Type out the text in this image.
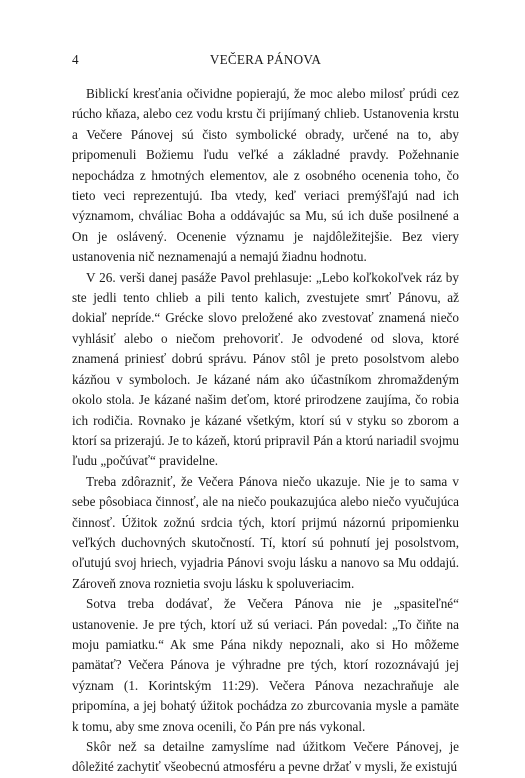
4	VEČERA PÁNOVA

Biblickí kresťania očividne popierajú, že moc alebo milosť prúdi cez rúcho kňaza, alebo cez vodu krstu či prijímaný chlieb. Ustanovenia krstu a Večere Pánovej sú čisto symbolické obrady, určené na to, aby pripomenuli Božiemu ľudu veľké a základné pravdy. Požehnanie nepochádza z hmotných elementov, ale z osobného ocenenia toho, čo tieto veci reprezentujú. Iba vtedy, keď veriaci premýšľajú nad ich významom, chváliac Boha a oddávajúc sa Mu, sú ich duše posilnené a On je oslávený. Ocenenie významu je najdôležitejšie. Bez viery ustanovenia nič neznamenajú a nemajú žiadnu hodnotu.

V 26. verši danej pasáže Pavol prehlasuje: „Lebo koľkokoľvek ráz by ste jedli tento chlieb a pili tento kalich, zvestujete smrť Pánovu, až dokiaľ nepríde.“ Grécke slovo preložené ako zvestovať znamená niečo vyhlásiť alebo o niečom prehovoriť. Je odvodené od slova, ktoré znamená priniesť dobrú správu. Pánov stôl je preto posolstvom alebo kázňou v symboloch. Je kázané nám ako účastníkom zhromaždeným okolo stola. Je kázané našim deťom, ktoré prirodzene zaujíma, čo robia ich rodičia. Rovnako je kázané všetkým, ktorí sú v styku so zborom a ktorí sa prizerajú. Je to kázeň, ktorú pripravil Pán a ktorú nariadil svojmu ľudu „počúvať“ pravidelne.

Treba zdôrazniť, že Večera Pánova niečo ukazuje. Nie je to sama v sebe pôsobiaca činnosť, ale na niečo poukazujúca alebo niečo vyučujúca činnosť. Úžitok zožnú srdcia tých, ktorí prijmú názornú pripomienku veľkých duchovných skutočností. Tí, ktorí sú pohnutí jej posolstvom, oľutujú svoj hriech, vyjadria Pánovi svoju lásku a nanovo sa Mu oddajú. Zároveň znova roznietia svoju lásku k spoluveriacim.

Sotva treba dodávať, že Večera Pánova nie je „spasiteľné“ ustanovenie. Je pre tých, ktorí už sú veriaci. Pán povedal: „To čiňte na moju pamiatku.“ Ak sme Pána nikdy nepoznali, ako si Ho môžeme pamätať? Večera Pánova je výhradne pre tých, ktorí rozoznávajú jej význam (1. Korintským 11:29). Večera Pánova nezachraňuje ale pripomína, a jej bohatý úžitok pochádza zo zburcovania mysle a pamäte k tomu, aby sme znova ocenili, čo Pán pre nás vykonal.

Skôr než sa detailne zamyslíme nad úžitkom Večere Pánovej, je dôležité zachytiť všeobecnú atmosféru a pevne držať v mysli, že existujú
